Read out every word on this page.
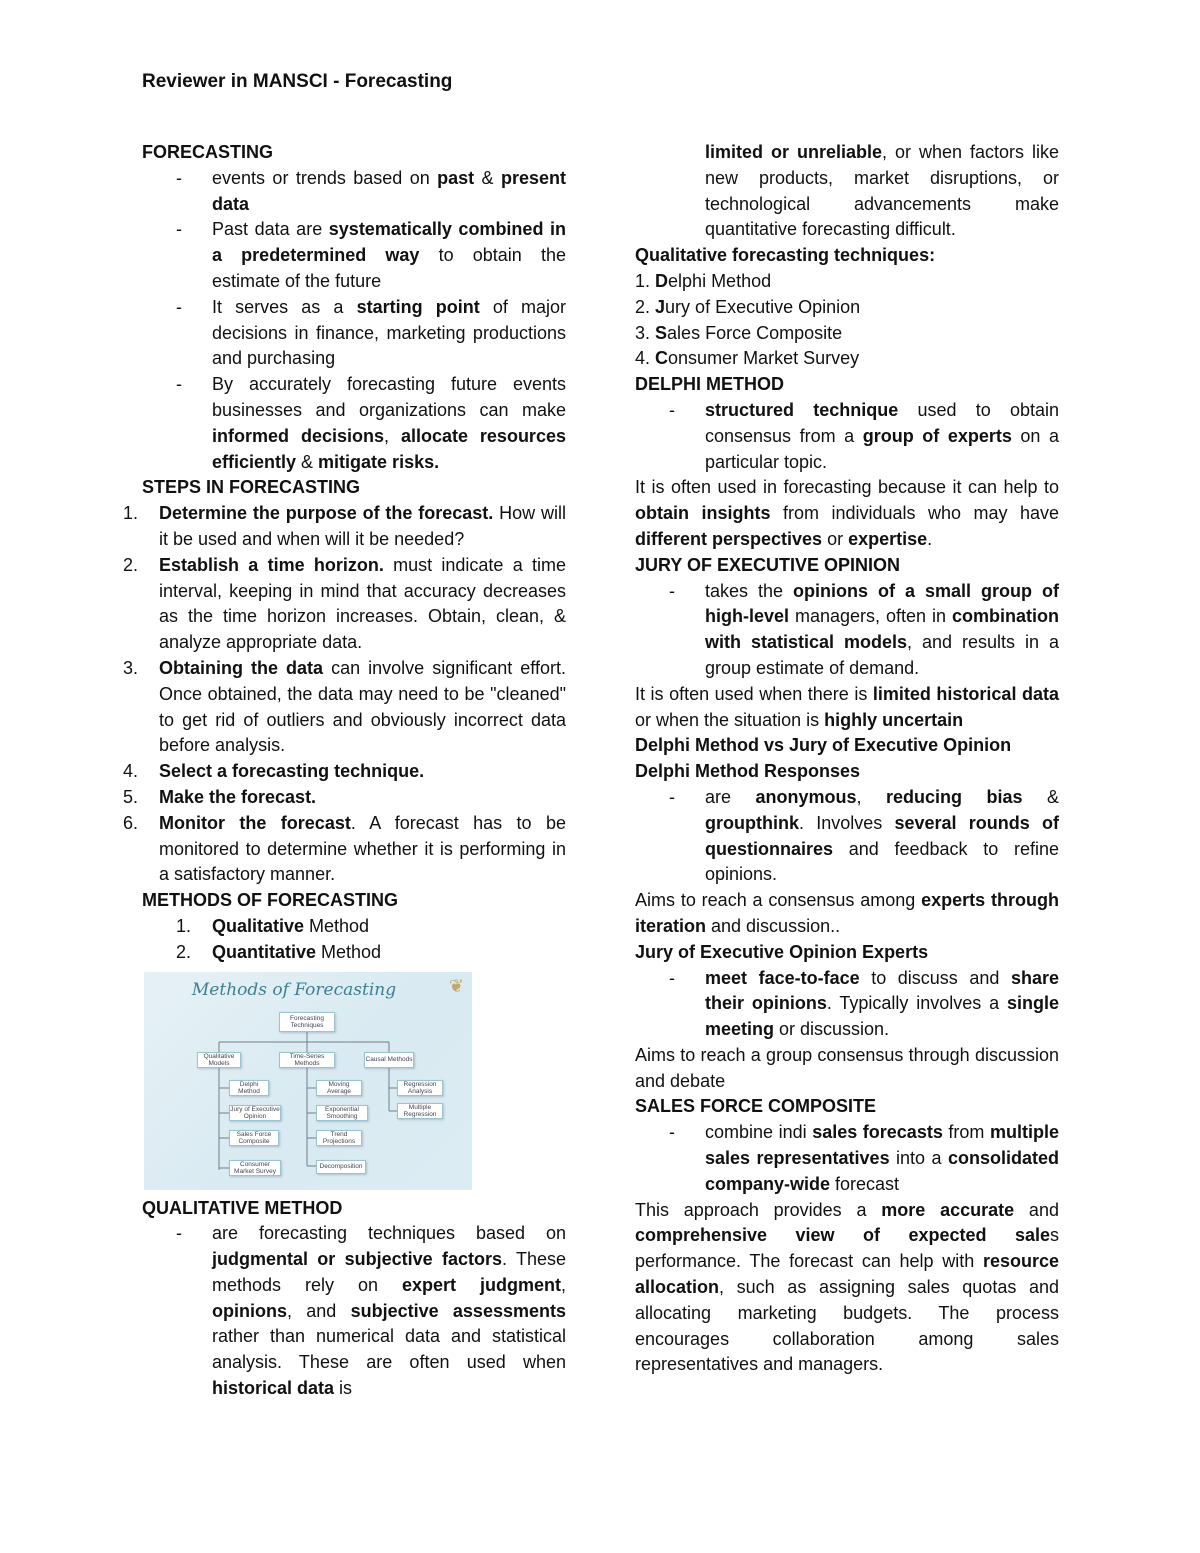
Reviewer in MANSCI - Forecasting

FORECASTING

- events or trends based on past & present data
- Past data are systematically combined in a predetermined way to obtain the estimate of the future
- It serves as a starting point of major decisions in finance, marketing productions and purchasing
- By accurately forecasting future events businesses and organizations can make informed decisions, allocate resources efficiently & mitigate risks.

STEPS IN FORECASTING

1. Determine the purpose of the forecast. How will it be used and when will it be needed?
2. Establish a time horizon. must indicate a time interval, keeping in mind that accuracy decreases as the time horizon increases. Obtain, clean, & analyze appropriate data.
3. Obtaining the data can involve significant effort. Once obtained, the data may need to be "cleaned" to get rid of outliers and obviously incorrect data before analysis.
4. Select a forecasting technique.
5. Make the forecast.
6. Monitor the forecast. A forecast has to be monitored to determine whether it is performing in a satisfactory manner.

METHODS OF FORECASTING

1. Qualitative Method
2. Quantitative Method
Methods of Forecasting	❦
Forecasting Techniques
Qualitative Models
Time-Series Methods	Causal Methods
Delphi Method
Jury of Executive Opinion
Sales Force Composite
Consumer Market Survey
Moving Average
Exponential Smoothing
Trend Projections
Decomposition
Regression Analysis
Multiple Regression

QUALITATIVE METHOD

- are forecasting techniques based on judgmental or subjective factors. These methods rely on expert judgment, opinions, and subjective assessments rather than numerical data and statistical analysis. These are often used when historical data is
limited or unreliable, or when factors like new products, market disruptions, or technological advancements make quantitative forecasting difficult.

Qualitative forecasting techniques:

1. Delphi Method
2. Jury of Executive Opinion
3. Sales Force Composite
4. Consumer Market Survey

DELPHI METHOD

- structured technique used to obtain consensus from a group of experts on a particular topic.

It is often used in forecasting because it can help to obtain insights from individuals who may have different perspectives or expertise.

JURY OF EXECUTIVE OPINION

- takes the opinions of a small group of high-level managers, often in combination with statistical models, and results in a group estimate of demand.

It is often used when there is limited historical data or when the situation is highly uncertain

Delphi Method vs Jury of Executive Opinion

Delphi Method Responses

- are anonymous, reducing bias & groupthink. Involves several rounds of questionnaires and feedback to refine opinions.

Aims to reach a consensus among experts through iteration and discussion..

Jury of Executive Opinion Experts

- meet face-to-face to discuss and share their opinions. Typically involves a single meeting or discussion.

Aims to reach a group consensus through discussion and debate

SALES FORCE COMPOSITE

- combine indi sales forecasts from multiple sales representatives into a consolidated company-wide forecast

This approach provides a more accurate and comprehensive view of expected sales performance. The forecast can help with resource allocation, such as assigning sales quotas and allocating marketing budgets. The process encourages collaboration among sales representatives and managers.
